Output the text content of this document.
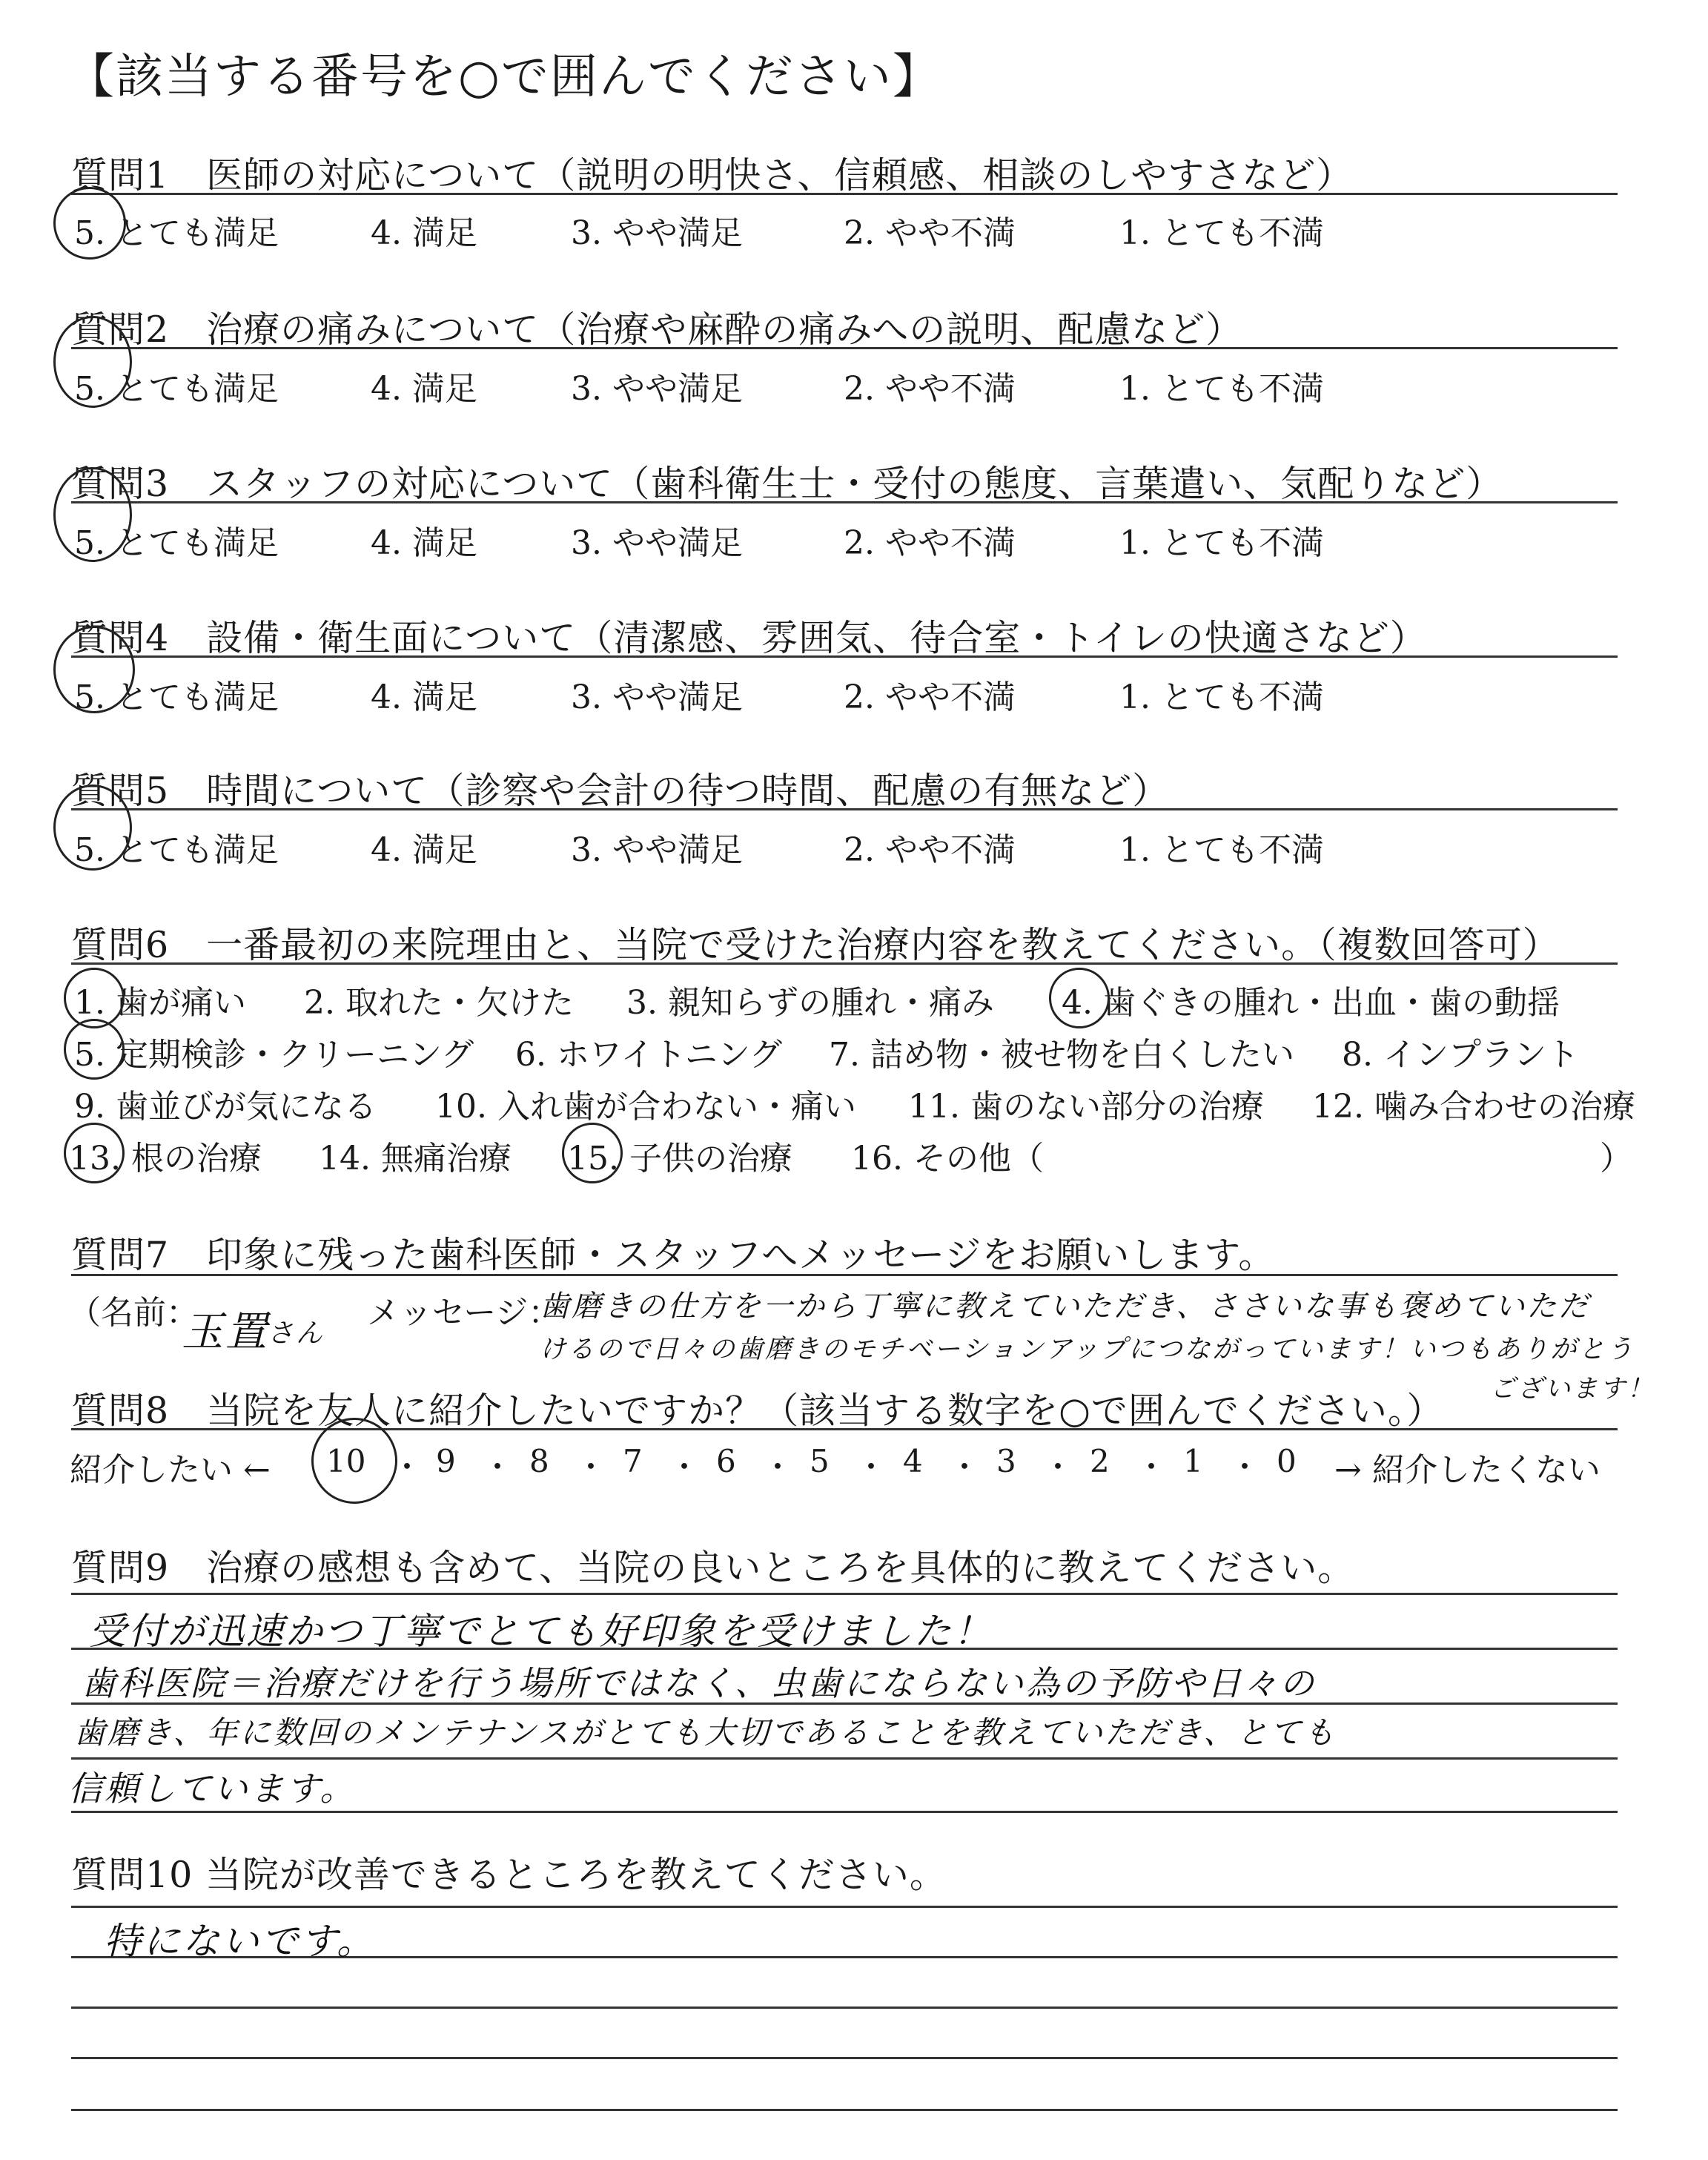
【該当する番号を○で囲んでください】
質問1　医師の対応について（説明の明快さ、信頼感、相談のしやすさなど）
5. とても満足	4. 満足	3. やや満足	2. やや不満	1. とても不満
質問2　治療の痛みについて（治療や麻酔の痛みへの説明、配慮など）
5. とても満足	4. 満足	3. やや満足	2. やや不満	1. とても不満
質問3　スタッフの対応について（歯科衛生士・受付の態度、言葉遣い、気配りなど）
5. とても満足	4. 満足	3. やや満足	2. やや不満	1. とても不満
質問4　設備・衛生面について（清潔感、雰囲気、待合室・トイレの快適さなど）
5. とても満足	4. 満足	3. やや満足	2. やや不満	1. とても不満
質問5　時間について（診察や会計の待つ時間、配慮の有無など）
5. とても満足	4. 満足	3. やや満足	2. やや不満	1. とても不満
質問6　一番最初の来院理由と、当院で受けた治療内容を教えてください。（複数回答可）
1. 歯が痛い 2. 取れた・欠けた 3. 親知らずの腫れ・痛み 4. 歯ぐきの腫れ・出血・歯の動揺
5. 定期検診・クリーニング 6. ホワイトニング 7. 詰め物・被せ物を白くしたい 8. インプラント
9. 歯並びが気になる 10. 入れ歯が合わない・痛い 11. 歯のない部分の治療 12. 噛み合わせの治療
13. 根の治療 14. 無痛治療 15. 子供の治療 16. その他（	）
質問7　印象に残った歯科医師・スタッフへメッセージをお願いします。
（名前：
玉置
さん
メッセージ：
歯磨きの仕方を一から丁寧に教えていただき、ささいな事も褒めていただ
けるので日々の歯磨きのモチベーションアップにつながっています！いつもありがとう
ございます！
質問8　当院を友人に紹介したいですか？（該当する数字を○で囲んでください。）
紹介したい ← 10 ・ 9 ・ 8 ・ 7 ・ 6 ・ 5 ・ 4 ・ 3 ・ 2 ・ 1 ・ 0 → 紹介したくない
質問9　治療の感想も含めて、当院の良いところを具体的に教えてください。
受付が迅速かつ丁寧でとても好印象を受けました！
歯科医院＝治療だけを行う場所ではなく、虫歯にならない為の予防や日々の
歯磨き、年に数回のメンテナンスがとても大切であることを教えていただき、とても
信頼しています。
質問10 当院が改善できるところを教えてください。
特にないです。
